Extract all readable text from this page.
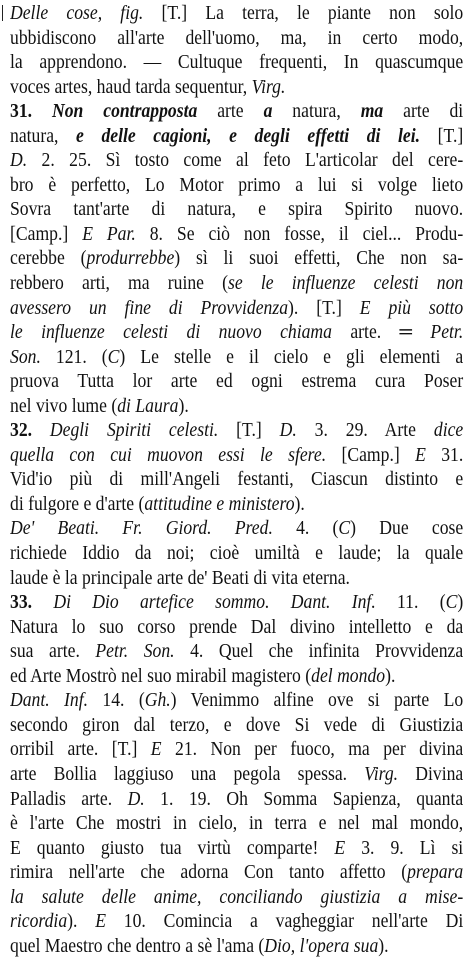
Delle cose, fig. [T.] La terra, le piante non solo
ubbidiscono all'arte dell'uomo, ma, in certo modo,
la apprendono. — Cultuque frequenti, In quascumque
voces artes, haud tarda sequentur, Virg.
31. Non contrapposta arte a natura, ma arte di
natura, e delle cagioni, e degli effetti di lei. [T.]
D. 2. 25. Sì tosto come al feto L'articolar del cere-
bro è perfetto, Lo Motor primo a lui si volge lieto
Sovra tant'arte di natura, e spira Spirito nuovo.
[Camp.] E Par. 8. Se ciò non fosse, il ciel... Produ-
cerebbe (produrrebbe) sì li suoi effetti, Che non sa-
rebbero arti, ma ruine (se le influenze celesti non
avessero un fine di Provvidenza). [T.] E più sotto
le influenze celesti di nuovo chiama arte. ═ Petr.
Son. 121. (C) Le stelle e il cielo e gli elementi a
pruova Tutta lor arte ed ogni estrema cura Poser
nel vivo lume (di Laura).
32. Degli Spiriti celesti. [T.] D. 3. 29. Arte dice
quella con cui muovon essi le sfere. [Camp.] E 31.
Vid'io più di mill'Angeli festanti, Ciascun distinto e
di fulgore e d'arte (attitudine e ministero).
De' Beati. Fr. Giord. Pred. 4. (C) Due cose
richiede Iddio da noi; cioè umiltà e laude; la quale
laude è la principale arte de' Beati di vita eterna.
33. Di Dio artefice sommo. Dant. Inf. 11. (C)
Natura lo suo corso prende Dal divino intelletto e da
sua arte. Petr. Son. 4. Quel che infinita Provvidenza
ed Arte Mostrò nel suo mirabil magistero (del mondo).
Dant. Inf. 14. (Gh.) Venimmo alfine ove si parte Lo
secondo giron dal terzo, e dove Si vede di Giustizia
orribil arte. [T.] E 21. Non per fuoco, ma per divina
arte Bollia laggiuso una pegola spessa. Virg. Divina
Palladis arte. D. 1. 19. Oh Somma Sapienza, quanta
è l'arte Che mostri in cielo, in terra e nel mal mondo,
E quanto giusto tua virtù comparte! E 3. 9. Lì si
rimira nell'arte che adorna Con tanto affetto (prepara
la salute delle anime, conciliando giustizia a mise-
ricordia). E 10. Comincia a vagheggiar nell'arte Di
quel Maestro che dentro a sè l'ama (Dio, l'opera sua).
